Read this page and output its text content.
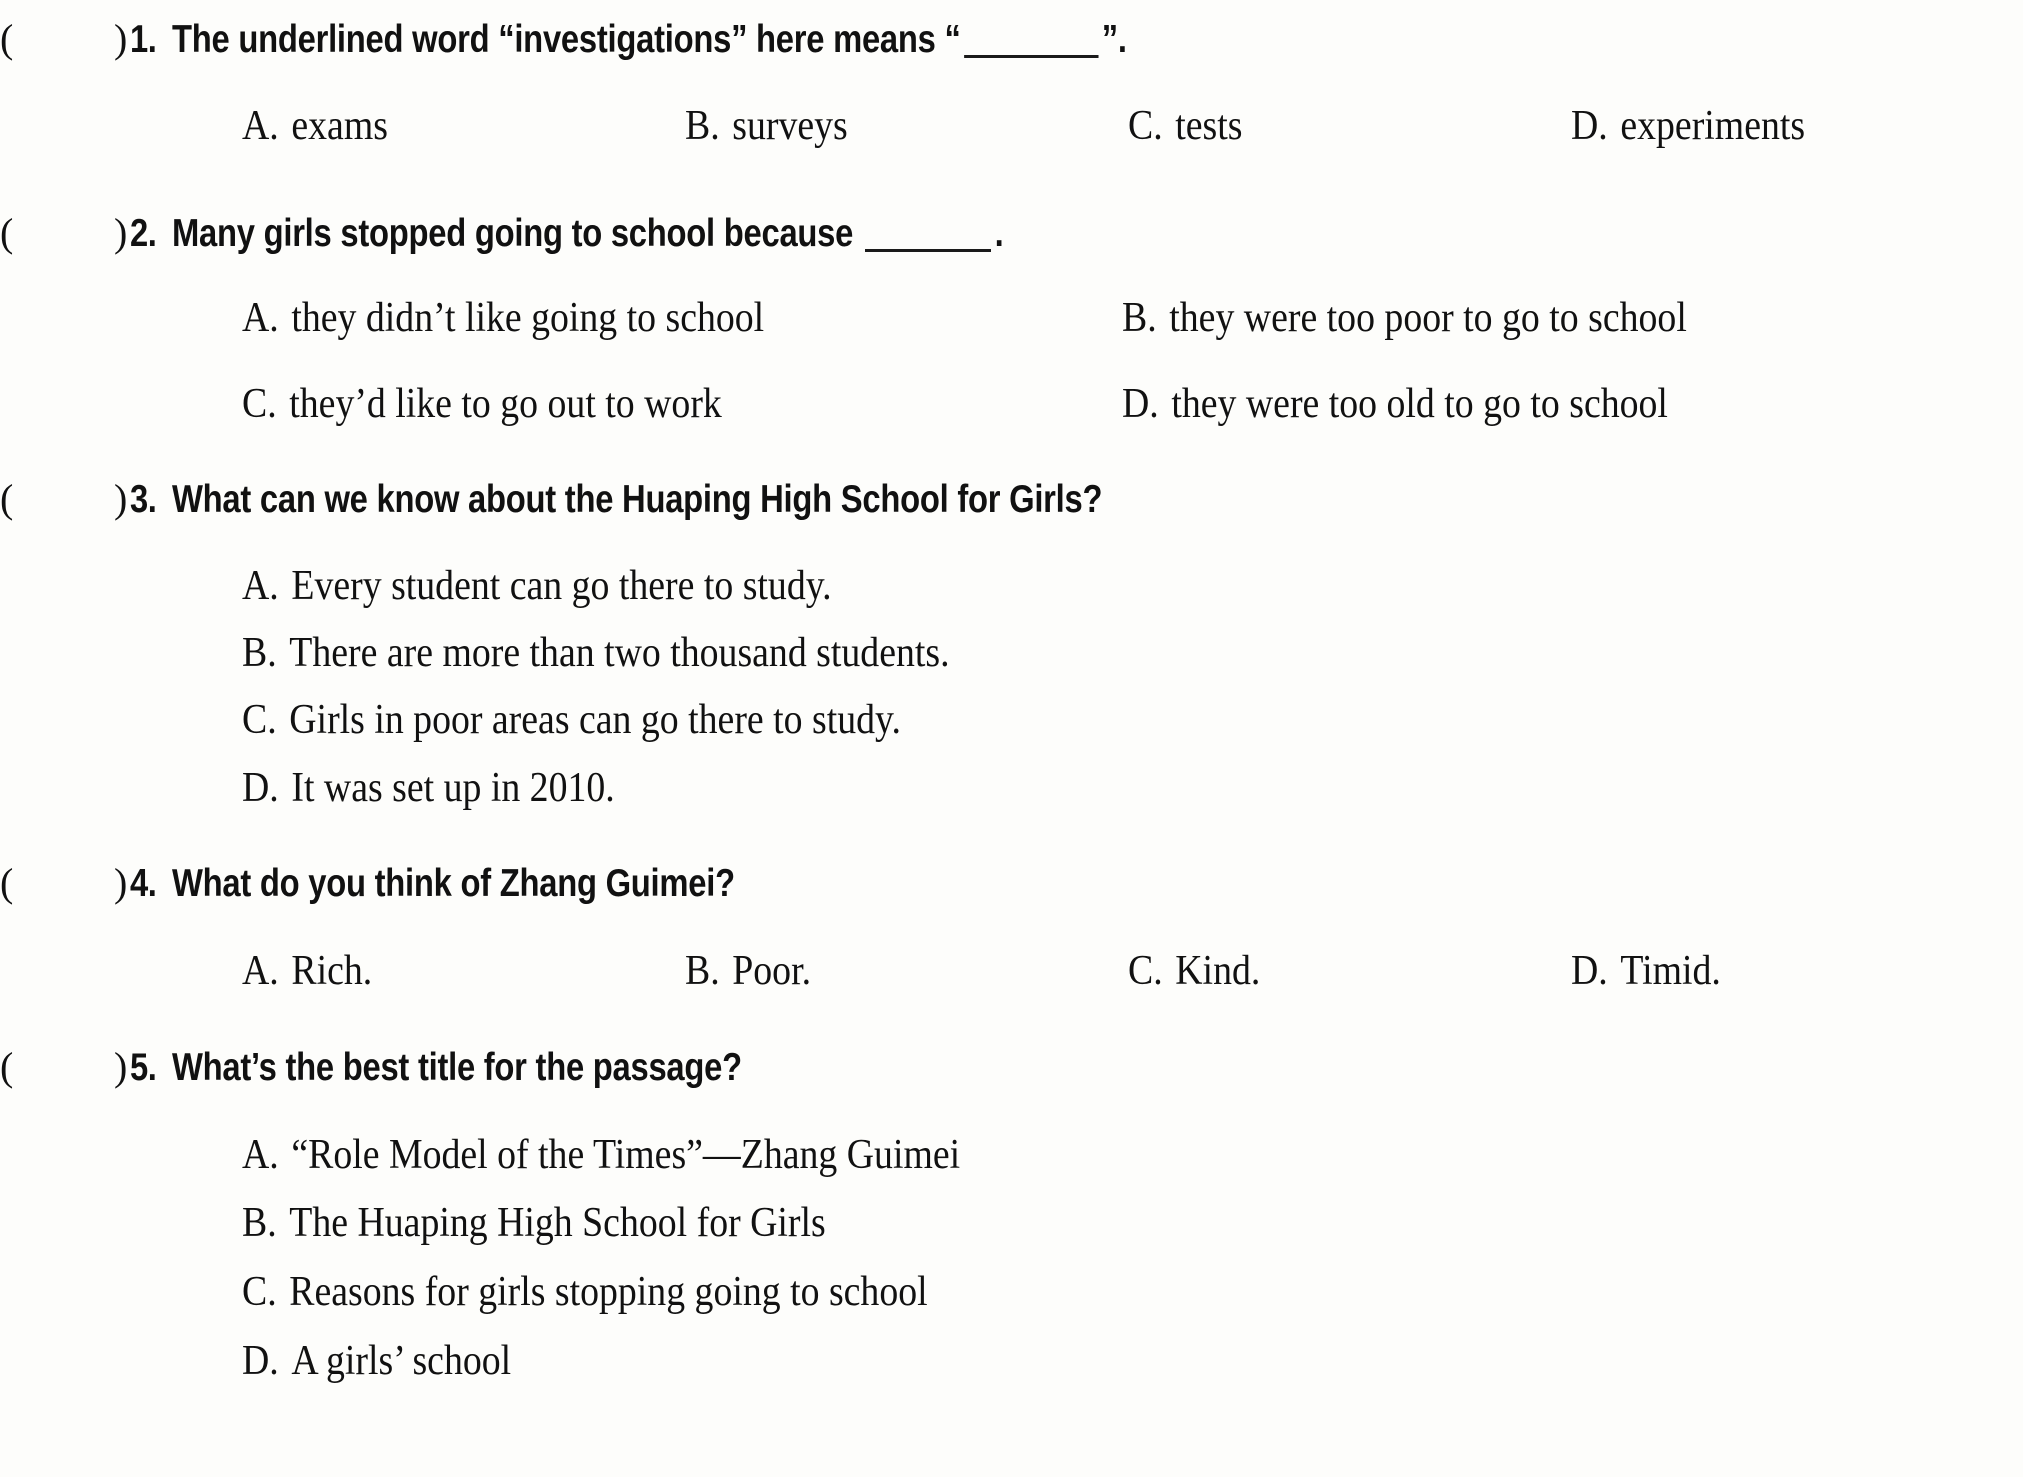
(	) 1. The underlined word “investigations” here means “	”.
A. exams	B. surveys	C. tests	D. experiments
(	) 2. Many girls stopped going to school because	.
A. they didn’t like going to school	B. they were too poor to go to school
C. they’d like to go out to work	D. they were too old to go to school
(	) 3. What can we know about the Huaping High School for Girls?
A. Every student can go there to study.
B. There are more than two thousand students.
C. Girls in poor areas can go there to study.
D. It was set up in 2010.
(	) 4. What do you think of Zhang Guimei?
A. Rich.	B. Poor.	C. Kind.	D. Timid.
(	) 5. What’s the best title for the passage?
A. “Role Model of the Times”—Zhang Guimei
B. The Huaping High School for Girls
C. Reasons for girls stopping going to school
D. A girls’ school
